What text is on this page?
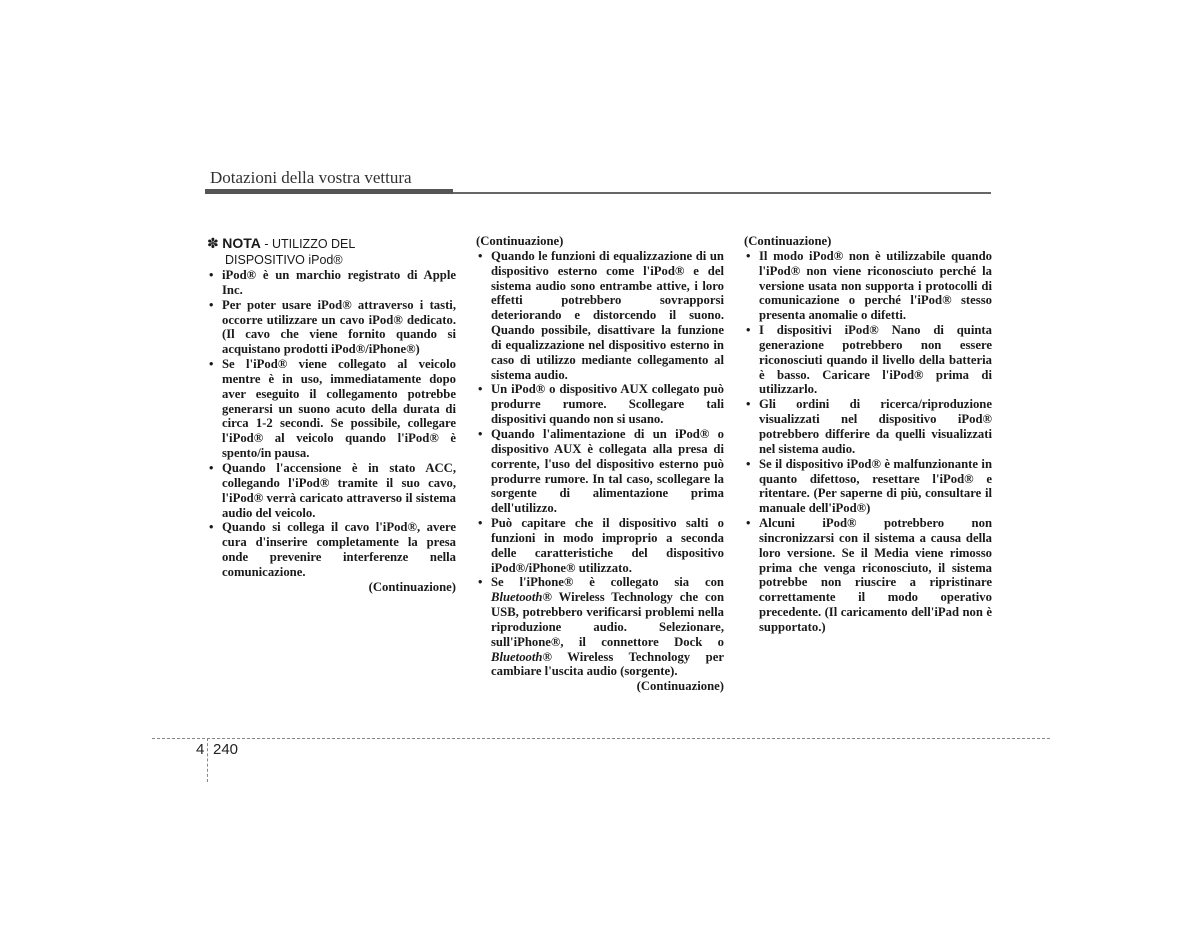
Dotazioni della vostra vettura
✽ NOTA - UTILIZZO DEL
DISPOSITIVO iPod®
• iPod® è un marchio registrato di Apple Inc.
• Per poter usare iPod® attraverso i tasti, occorre utilizzare un cavo iPod® dedicato. (Il cavo che viene fornito quando si acquistano prodotti iPod®/iPhone®)
• Se l'iPod® viene collegato al veicolo mentre è in uso, immediatamente dopo aver eseguito il collegamento potrebbe generarsi un suono acuto della durata di circa 1-2 secondi. Se possibile, collegare l'iPod® al veicolo quando l'iPod® è spento/in pausa.
• Quando l'accensione è in stato ACC, collegando l'iPod® tramite il suo cavo, l'iPod® verrà caricato attraverso il sistema audio del veicolo.
• Quando si collega il cavo l'iPod®, avere cura d'inserire completamente la presa onde prevenire interferenze nella comunicazione.
(Continuazione)
(Continuazione)
• Quando le funzioni di equalizzazione di un dispositivo esterno come l'iPod® e del sistema audio sono entrambe attive, i loro effetti potrebbero sovrapporsi deteriorando e distorcendo il suono. Quando possibile, disattivare la funzione di equalizzazione nel dispositivo esterno in caso di utilizzo mediante collegamento al sistema audio.
• Un iPod® o dispositivo AUX collegato può produrre rumore. Scollegare tali dispositivi quando non si usano.
• Quando l'alimentazione di un iPod® o dispositivo AUX è collegata alla presa di corrente, l'uso del dispositivo esterno può produrre rumore. In tal caso, scollegare la sorgente di alimentazione prima dell'utilizzo.
• Può capitare che il dispositivo salti o funzioni in modo improprio a seconda delle caratteristiche del dispositivo iPod®/iPhone® utilizzato.
• Se l'iPhone® è collegato sia con Bluetooth® Wireless Technology che con USB, potrebbero verificarsi problemi nella riproduzione audio. Selezionare, sull'iPhone®, il connettore Dock o Bluetooth® Wireless Technology per cambiare l'uscita audio (sorgente).
(Continuazione)
(Continuazione)
• Il modo iPod® non è utilizzabile quando l'iPod® non viene riconosciuto perché la versione usata non supporta i protocolli di comunicazione o perché l'iPod® stesso presenta anomalie o difetti.
• I dispositivi iPod® Nano di quinta generazione potrebbero non essere riconosciuti quando il livello della batteria è basso. Caricare l'iPod® prima di utilizzarlo.
• Gli ordini di ricerca/riproduzione visualizzati nel dispositivo iPod® potrebbero differire da quelli visualizzati nel sistema audio.
• Se il dispositivo iPod® è malfunzionante in quanto difettoso, resettare l'iPod® e ritentare. (Per saperne di più, consultare il manuale dell'iPod®)
• Alcuni iPod® potrebbero non sincronizzarsi con il sistema a causa della loro versione. Se il Media viene rimosso prima che venga riconosciuto, il sistema potrebbe non riuscire a ripristinare correttamente il modo operativo precedente. (Il caricamento dell'iPad non è supportato.)
4 240
